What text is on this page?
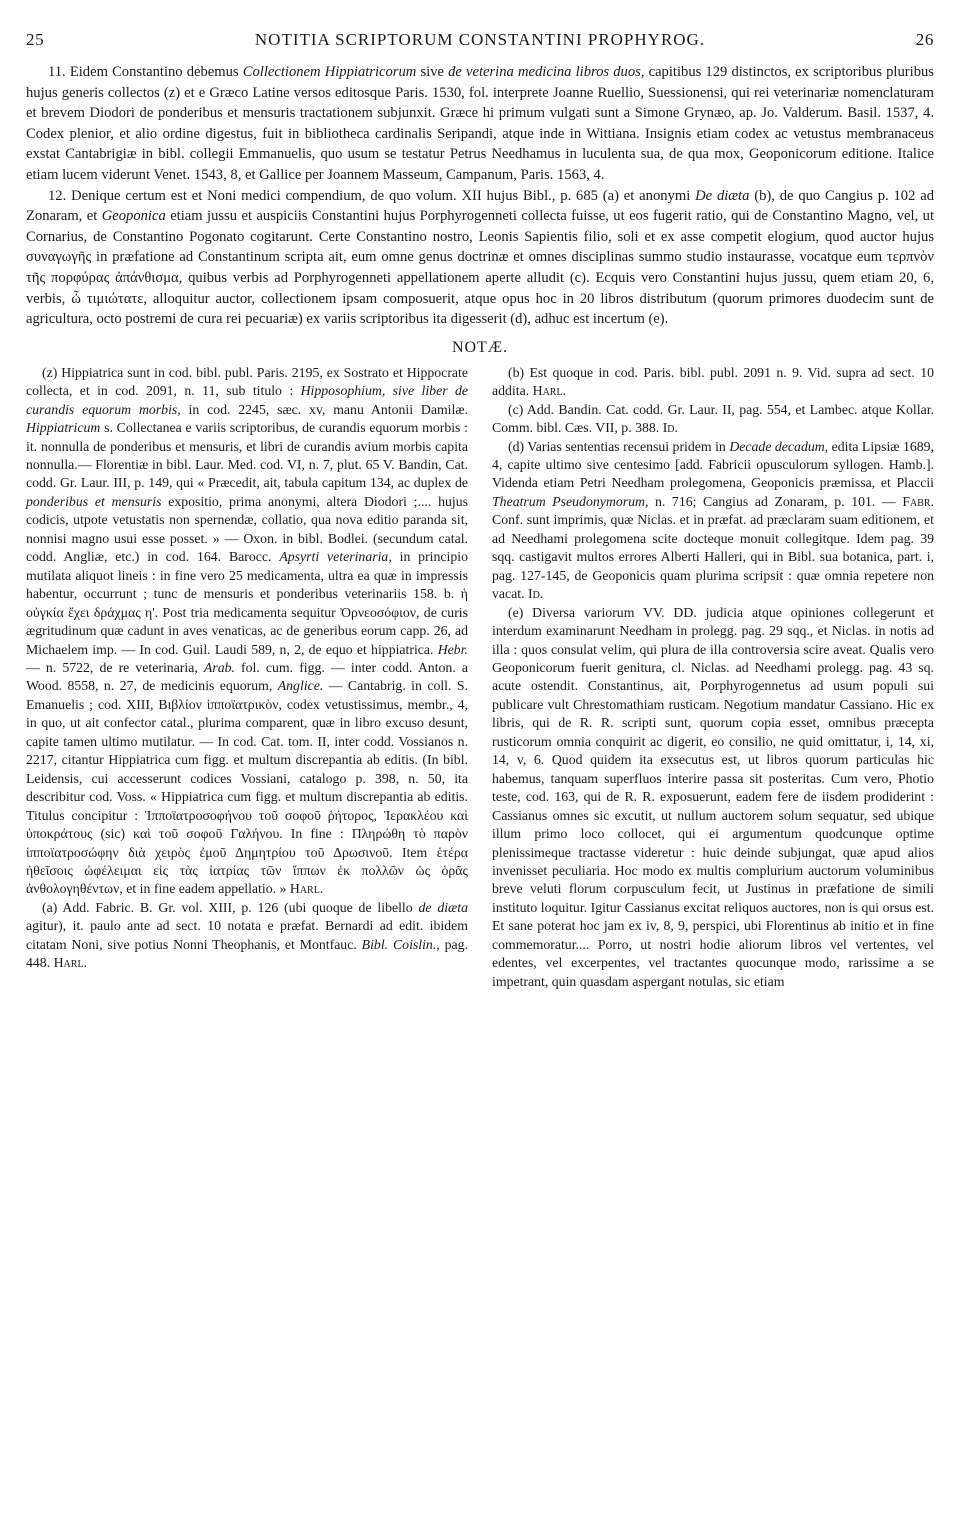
25	NOTITIA SCRIPTORUM CONSTANTINI PROPHYROG.	26

11. Eidem Constantino debemus Collectionem Hippiatricorum sive de veterina medicina libros duos, capitibus 129 distinctos, ex scriptoribus pluribus hujus generis collectos (z) et e Græco Latine versos editosque Paris. 1530, fol. interprete Joanne Ruellio, Suessionensi, qui rei veterinariæ nomenclaturam et brevem Diodori de ponderibus et mensuris tractationem subjunxit. Græce hi primum vulgati sunt a Simone Grynæo, ap. Jo. Valderum. Basil. 1537, 4. Codex plenior, et alio ordine digestus, fuit in bibliotheca cardinalis Seripandi, atque inde in Wittiana. Insignis etiam codex ac vetustus membranaceus exstat Cantabrigiæ in bibl. collegii Emmanuelis, quo usum se testatur Petrus Needhamus in luculenta sua, de qua mox, Geoponicorum editione. Italice etiam lucem viderunt Venet. 1543, 8, et Gallice per Joannem Masseum, Campanum, Paris. 1563, 4.

12. Denique certum est et Noni medici compendium, de quo volum. XII hujus Bibl., p. 685 (a) et anonymi De diæta (b), de quo Cangius p. 102 ad Zonaram, et Geoponica etiam jussu et auspiciis Constantini hujus Porphyrogenneti collecta fuisse, ut eos fugerit ratio, qui de Constantino Magno, vel, ut Cornarius, de Constantino Pogonato cogitarunt. Certe Constantino nostro, Leonis Sapientis filio, soli et ex asse competit elogium, quod auctor hujus συναγωγῆς in præfatione ad Constantinum scripta ait, eum omne genus doctrinæ et omnes disciplinas summo studio instaurasse, vocatque eum τερπνὸν τῆς πορφύρας ἀπάνθισμα, quibus verbis ad Porphyrogenneti appellationem aperte alludit (c). Ecquis vero Constantini hujus jussu, quem etiam 20, 6, verbis, ὦ τιμιώτατε, alloquitur auctor, collectionem ipsam composuerit, atque opus hoc in 20 libros distributum (quorum primores duodecim sunt de agricultura, octo postremi de cura rei pecuariæ) ex variis scriptoribus ita digesserit (d), adhuc est incertum (e).

NOTÆ.

(z) Hippiatrica sunt in cod. bibl. publ. Paris. 2195, ex Sostrato et Hippocrate collecta, et in cod. 2091, n. 11, sub titulo : Hipposophium, sive liber de curandis equorum morbis, in cod. 2245, sæc. xv, manu Antonii Damilæ. Hippiatricum s. Collectanea e variis scriptoribus, de curandis equorum morbis : it. nonnulla de ponderibus et mensuris, et libri de curandis avium morbis capita nonnulla.— Florentiæ in bibl. Laur. Med. cod. VI, n. 7, plut. 65 V. Bandin, Cat. codd. Gr. Laur. III, p. 149, qui « Præcedit, ait, tabula capitum 134, ac duplex de ponderibus et mensuris expositio, prima anonymi, altera Diodori ;.... hujus codicis, utpote vetustatis non spernendæ, collatio, qua nova editio paranda sit, nonnisi magno usui esse posset. » — Oxon. in bibl. Bodlei. (secundum catal. codd. Angliæ, etc.) in cod. 164. Barocc. Apsyrti veterinaria, in principio mutilata aliquot lineis : in fine vero 25 medicamenta, ultra ea quæ in impressis habentur, occurrunt ; tunc de mensuris et ponderibus veterinariis 158. b. ἡ οὐγκία ἔχει δράχμας η'. Post tria medicamenta sequitur Ὀρνεοσόφιον, de curis ægritudinum quæ cadunt in aves venaticas, ac de generibus eorum capp. 26, ad Michaelem imp. — In cod. Guil. Laudi 589, n, 2, de equo et hippiatrica. Hebr. — n. 5722, de re veterinaria, Arab. fol. cum. figg. — inter codd. Anton. a Wood. 8558, n. 27, de medicinis equorum, Anglice. — Cantabrig. in coll. S. Emanuelis ; cod. XIII, Βιβλίον ἱπποϊατρικὸν, codex vetustissimus, membr., 4, in quo, ut ait confector catal., plurima comparent, quæ in libro excuso desunt, capite tamen ultimo mutilatur. — In cod. Cat. tom. II, inter codd. Vossianos n. 2217, citantur Hippiatrica cum figg. et multum discrepantia ab editis. (In bibl. Leidensis, cui accesserunt codices Vossiani, catalogo p. 398, n. 50, ita describitur cod. Voss. « Hippiatrica cum figg. et multum discrepantia ab editis. Titulus concipitur : Ἱπποϊατροσοφήνου τοῦ σοφοῦ ῥήτορος, Ἱερακλέου καὶ ὑποκράτους (sic) καὶ τοῦ σοφοῦ Γαλήνου. In fine : Πληρώθη τὸ παρὸν ἱπποϊατροσώφην διὰ χειρὸς ἐμοῦ Δημητρίου τοῦ Δρωσινοῦ. Item ἑτέρα ἠθεῖσοις ὠφέλειμαι εἰς τὰς ἰατρίας τῶν ἵππων ἐκ πολλῶν ὡς ὁρᾶς ἀνθολογηθέντων, et in fine eadem appellatio. » Harl.

(a) Add. Fabric. B. Gr. vol. XIII, p. 126 (ubi quoque de libello de diæta agitur), it. paulo ante ad sect. 10 notata e præfat. Bernardi ad edit. ibidem citatam Noni, sive potius Nonni Theophanis, et Montfauc. Bibl. Coislin., pag. 448. Harl.

(b) Est quoque in cod. Paris. bibl. publ. 2091 n. 9. Vid. supra ad sect. 10 addita. Harl.

(c) Add. Bandin. Cat. codd. Gr. Laur. II, pag. 554, et Lambec. atque Kollar. Comm. bibl. Cæs. VII, p. 388. Id.

(d) Varias sententias recensui pridem in Decade decadum, edita Lipsiæ 1689, 4, capite ultimo sive centesimo [add. Fabricii opusculorum syllogen. Hamb.]. Videnda etiam Petri Needham prolegomena, Geoponicis præmissa, et Placcii Theatrum Pseudonymorum, n. 716; Cangius ad Zonaram, p. 101. — Fabr. Conf. sunt imprimis, quæ Niclas. et in præfat. ad præclaram suam editionem, et ad Needhami prolegomena scite docteque monuit collegitque. Idem pag. 39 sqq. castigavit multos errores Alberti Halleri, qui in Bibl. sua botanica, part. i, pag. 127-145, de Geoponicis quam plurima scripsit : quæ omnia repetere non vacat. Id.

(e) Diversa variorum VV. DD. judicia atque opiniones collegerunt et interdum examinarunt Needham in prolegg. pag. 29 sqq., et Niclas. in notis ad illa : quos consulat velim, qui plura de illa controversia scire aveat. Qualis vero Geoponicorum fuerit genitura, cl. Niclas. ad Needhami prolegg. pag. 43 sq. acute ostendit. Constantinus, ait, Porphyrogennetus ad usum populi sui publicare vult Chrestomathiam rusticam. Negotium mandatur Cassiano. Hic ex libris, qui de R. R. scripti sunt, quorum copia esset, omnibus præcepta rusticorum omnia conquirit ac digerit, eo consilio, ne quid omittatur, i, 14, xi, 14, v, 6. Quod quidem ita exsecutus est, ut libros quorum particulas hic habemus, tanquam superfluos interire passa sit posteritas. Cum vero, Photio teste, cod. 163, qui de R. R. exposuerunt, eadem fere de iisdem prodiderint : Cassianus omnes sic excutit, ut nullum auctorem solum sequatur, sed ubique illum primo loco collocet, qui ei argumentum quodcunque optime plenissimeque tractasse videretur : huic deinde subjungat, quæ apud alios invenisset peculiaria. Hoc modo ex multis complurium auctorum voluminibus breve veluti florum corpusculum fecit, ut Justinus in præfatione de simili instituto loquitur. Igitur Cassianus excitat reliquos auctores, non is qui orsus est. Et sane poterat hoc jam ex iv, 8, 9, perspici, ubi Florentinus ab initio et in fine commemoratur.... Porro, ut nostri hodie aliorum libros vel vertentes, vel edentes, vel excerpentes, vel tractantes quocunque modo, rarissime a se impetrant, quin quasdam aspergant notulas, sic etiam
